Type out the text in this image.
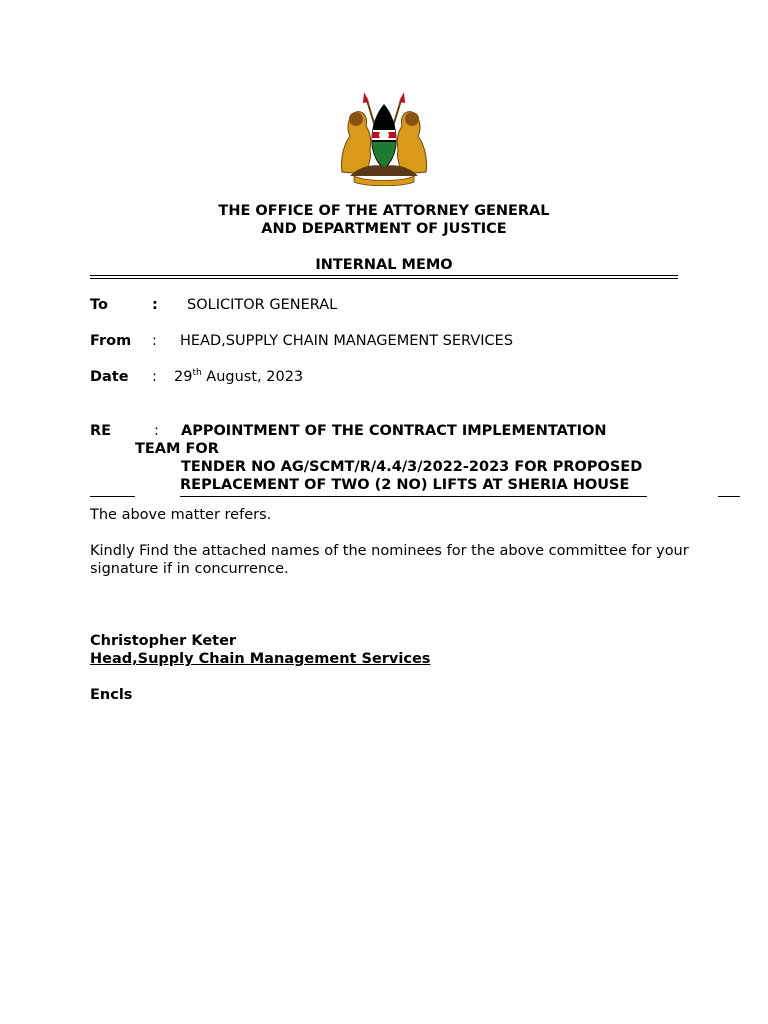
THE OFFICE OF THE ATTORNEY GENERAL
AND DEPARTMENT OF JUSTICE
INTERNAL MEMO
To	: SOLICITOR GENERAL
From : HEAD,SUPPLY CHAIN MANAGEMENT SERVICES
Date : 29th August, 2023
RE	: APPOINTMENT OF THE CONTRACT IMPLEMENTATION
TEAM FOR
TENDER NO AG/SCMT/R/4.4/3/2022-2023 FOR PROPOSED
REPLACEMENT OF TWO (2 NO) LIFTS AT SHERIA HOUSE
The above matter refers.
Kindly Find the attached names of the nominees for the above committee for your signature if in concurrence.
Christopher Keter
Head,Supply Chain Management Services
Encls
